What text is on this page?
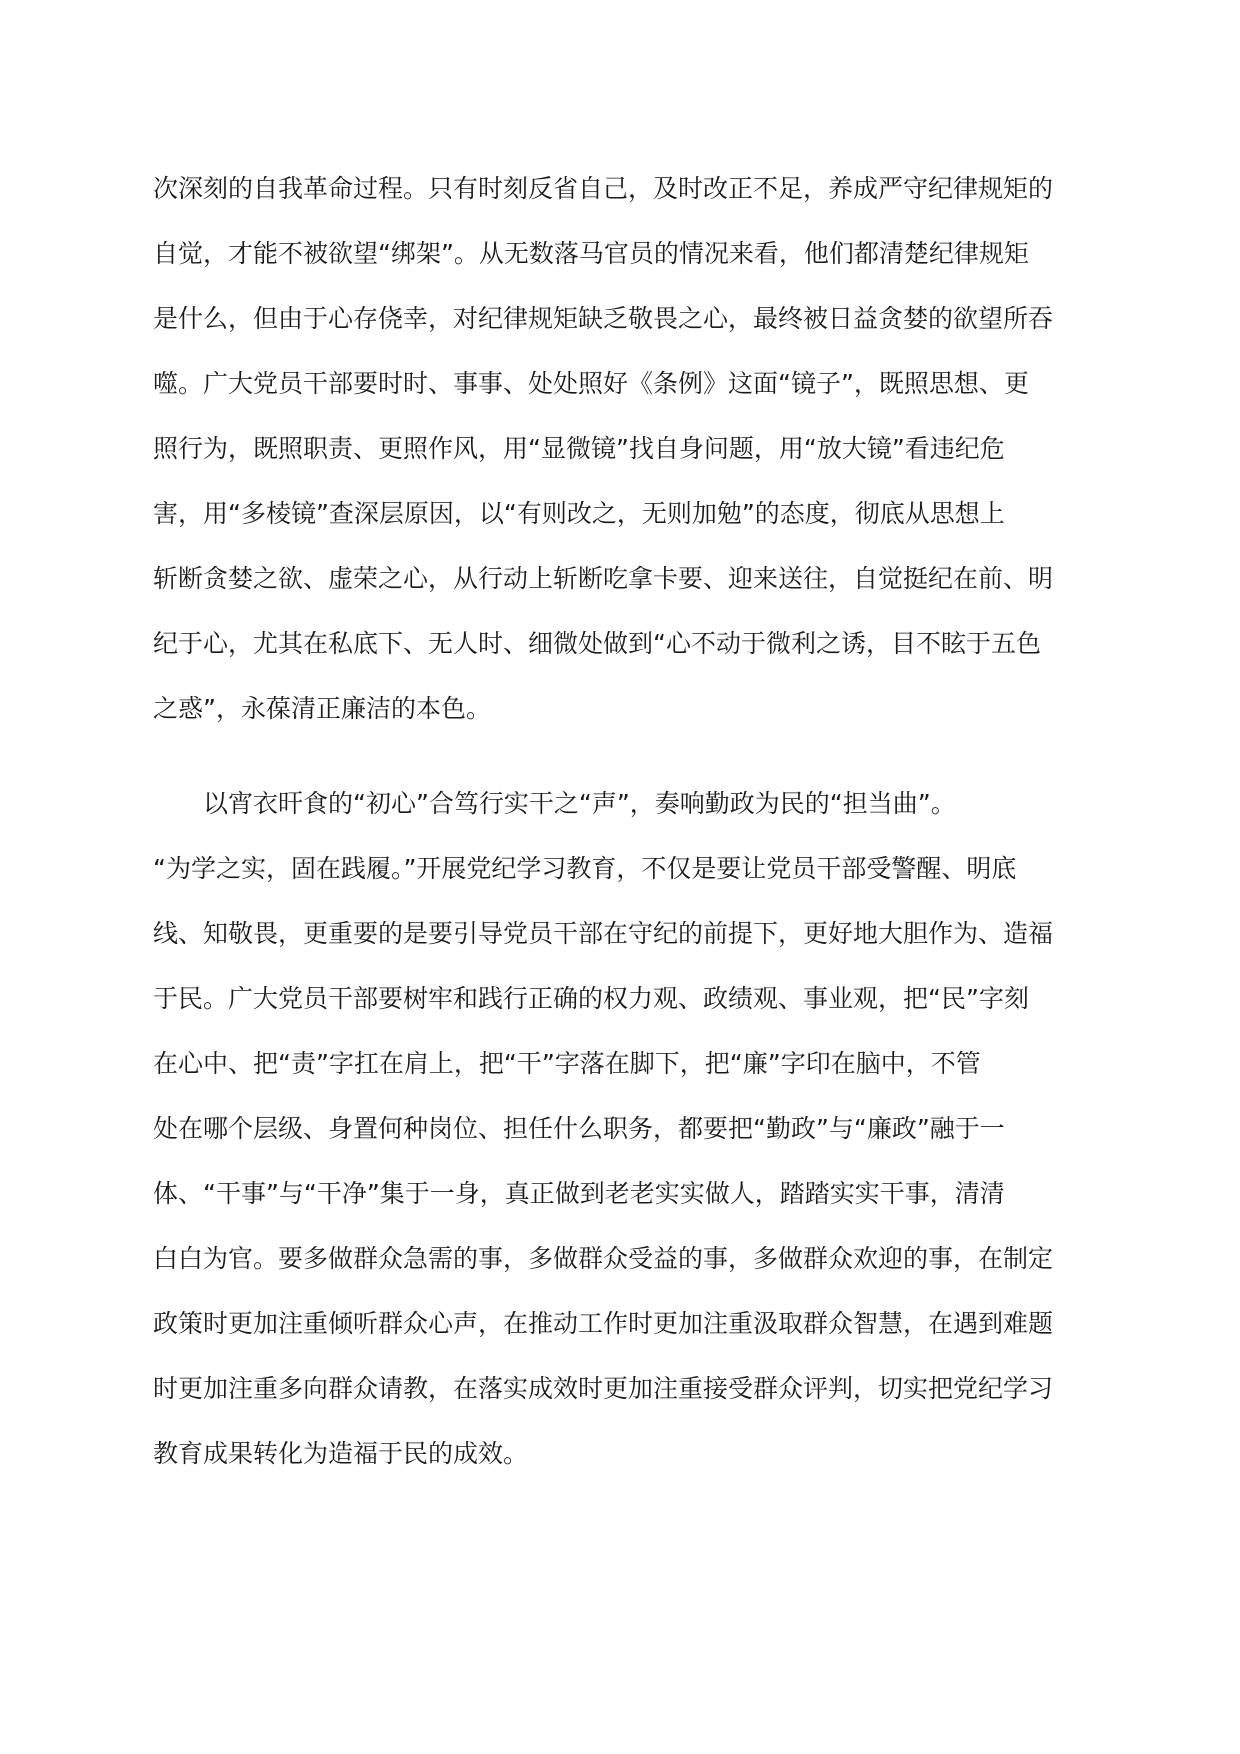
次深刻的自我革命过程。只有时刻反省自己，及时改正不足，养成严守纪律规矩的
自觉，才能不被欲望“绑架”。从无数落马官员的情况来看，他们都清楚纪律规矩
是什么，但由于心存侥幸，对纪律规矩缺乏敬畏之心，最终被日益贪婪的欲望所吞
噬。广大党员干部要时时、事事、处处照好《条例》这面“镜子”，既照思想、更
照行为，既照职责、更照作风，用“显微镜”找自身问题，用“放大镜”看违纪危
害，用“多棱镜”查深层原因，以“有则改之，无则加勉”的态度，彻底从思想上
斩断贪婪之欲、虚荣之心，从行动上斩断吃拿卡要、迎来送往，自觉挺纪在前、明
纪于心，尤其在私底下、无人时、细微处做到“心不动于微利之诱，目不眩于五色
之惑”，永葆清正廉洁的本色。
以宵衣旰食的“初心”合笃行实干之“声”，奏响勤政为民的“担当曲”。
“为学之实，固在践履。”开展党纪学习教育，不仅是要让党员干部受警醒、明底
线、知敬畏，更重要的是要引导党员干部在守纪的前提下，更好地大胆作为、造福
于民。广大党员干部要树牢和践行正确的权力观、政绩观、事业观，把“民”字刻
在心中、把“责”字扛在肩上，把“干”字落在脚下，把“廉”字印在脑中，不管
处在哪个层级、身置何种岗位、担任什么职务，都要把“勤政”与“廉政”融于一
体、“干事”与“干净”集于一身，真正做到老老实实做人，踏踏实实干事，清清
白白为官。要多做群众急需的事，多做群众受益的事，多做群众欢迎的事，在制定
政策时更加注重倾听群众心声，在推动工作时更加注重汲取群众智慧，在遇到难题
时更加注重多向群众请教，在落实成效时更加注重接受群众评判，切实把党纪学习
教育成果转化为造福于民的成效。
